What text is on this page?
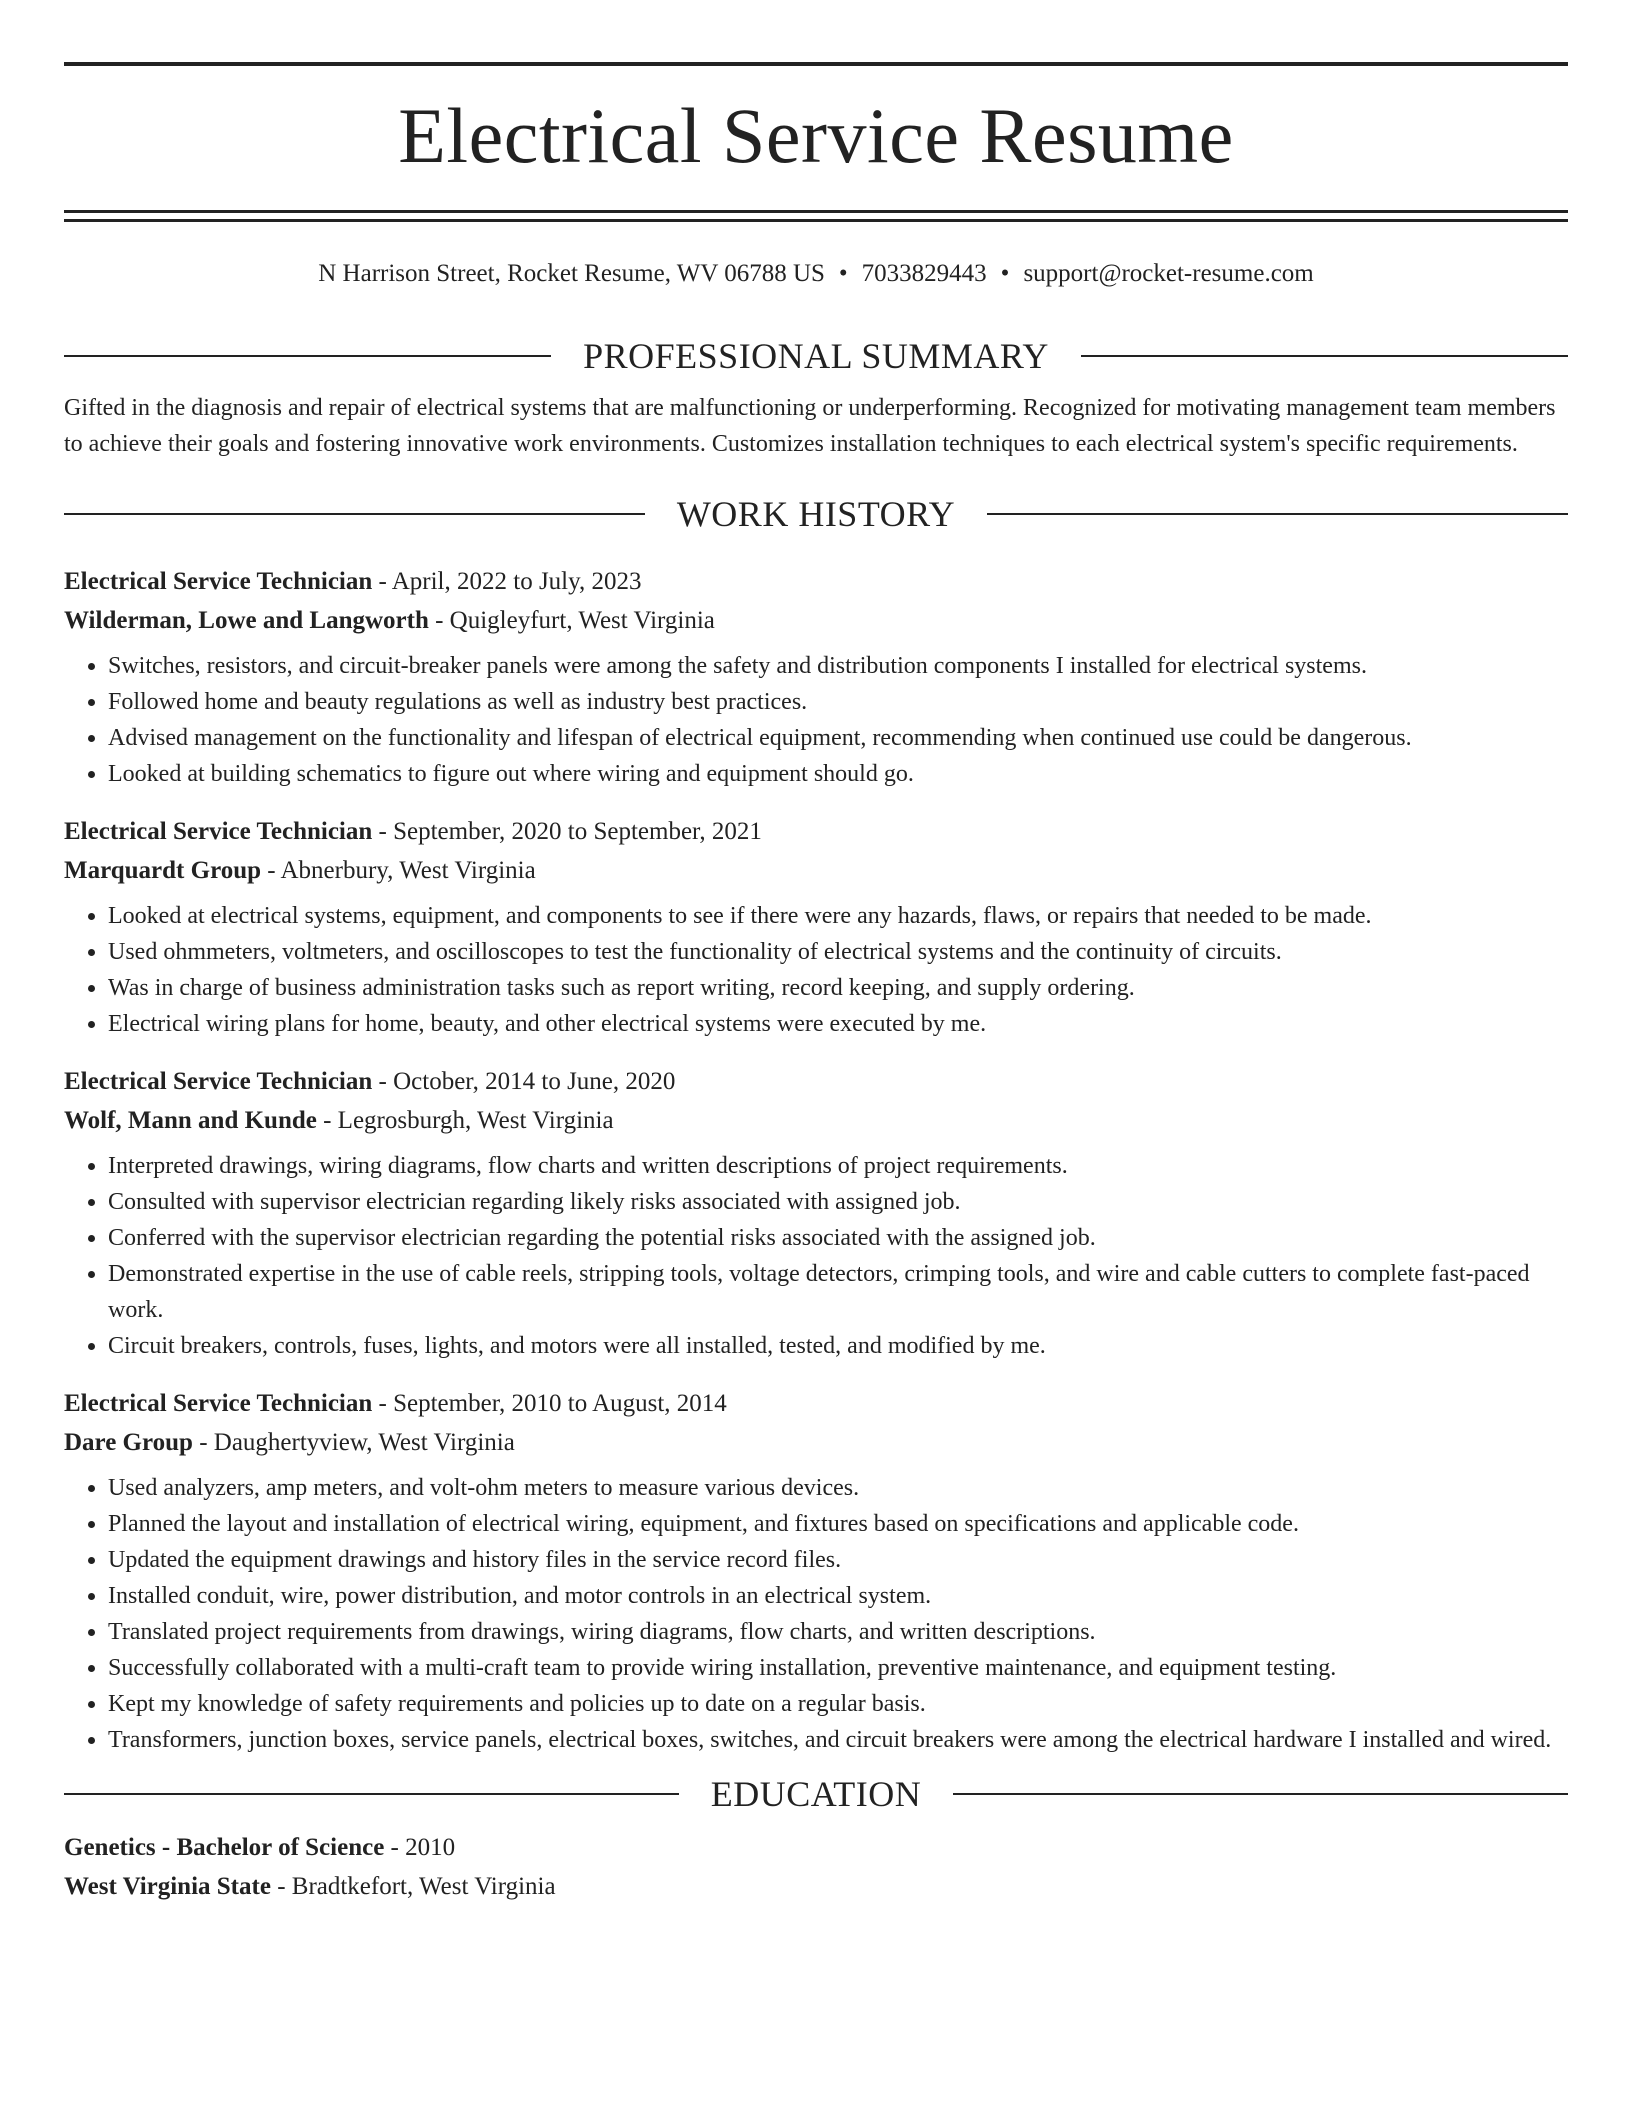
Electrical Service Resume
N Harrison Street, Rocket Resume, WV 06788 US • 7033829443 • support@rocket-resume.com
PROFESSIONAL SUMMARY

Gifted in the diagnosis and repair of electrical systems that are malfunctioning or underperforming. Recognized for motivating management team members to achieve their goals and fostering innovative work environments. Customizes installation techniques to each electrical system's specific requirements.

WORK HISTORY
Electrical Service Technician - April, 2022 to July, 2023
Wilderman, Lowe and Langworth - Quigleyfurt, West Virginia
• Switches, resistors, and circuit-breaker panels were among the safety and distribution components I installed for electrical systems.
• Followed home and beauty regulations as well as industry best practices.
• Advised management on the functionality and lifespan of electrical equipment, recommending when continued use could be dangerous.
• Looked at building schematics to figure out where wiring and equipment should go.
Electrical Service Technician - September, 2020 to September, 2021
Marquardt Group - Abnerbury, West Virginia
• Looked at electrical systems, equipment, and components to see if there were any hazards, flaws, or repairs that needed to be made.
• Used ohmmeters, voltmeters, and oscilloscopes to test the functionality of electrical systems and the continuity of circuits.
• Was in charge of business administration tasks such as report writing, record keeping, and supply ordering.
• Electrical wiring plans for home, beauty, and other electrical systems were executed by me.
Electrical Service Technician - October, 2014 to June, 2020
Wolf, Mann and Kunde - Legrosburgh, West Virginia
• Interpreted drawings, wiring diagrams, flow charts and written descriptions of project requirements.
• Consulted with supervisor electrician regarding likely risks associated with assigned job.
• Conferred with the supervisor electrician regarding the potential risks associated with the assigned job.
• Demonstrated expertise in the use of cable reels, stripping tools, voltage detectors, crimping tools, and wire and cable cutters to complete fast-paced work.
• Circuit breakers, controls, fuses, lights, and motors were all installed, tested, and modified by me.
Electrical Service Technician - September, 2010 to August, 2014
Dare Group - Daughertyview, West Virginia
• Used analyzers, amp meters, and volt-ohm meters to measure various devices.
• Planned the layout and installation of electrical wiring, equipment, and fixtures based on specifications and applicable code.
• Updated the equipment drawings and history files in the service record files.
• Installed conduit, wire, power distribution, and motor controls in an electrical system.
• Translated project requirements from drawings, wiring diagrams, flow charts, and written descriptions.
• Successfully collaborated with a multi-craft team to provide wiring installation, preventive maintenance, and equipment testing.
• Kept my knowledge of safety requirements and policies up to date on a regular basis.
• Transformers, junction boxes, service panels, electrical boxes, switches, and circuit breakers were among the electrical hardware I installed and wired.
EDUCATION
Genetics - Bachelor of Science - 2010
West Virginia State - Bradtkefort, West Virginia
